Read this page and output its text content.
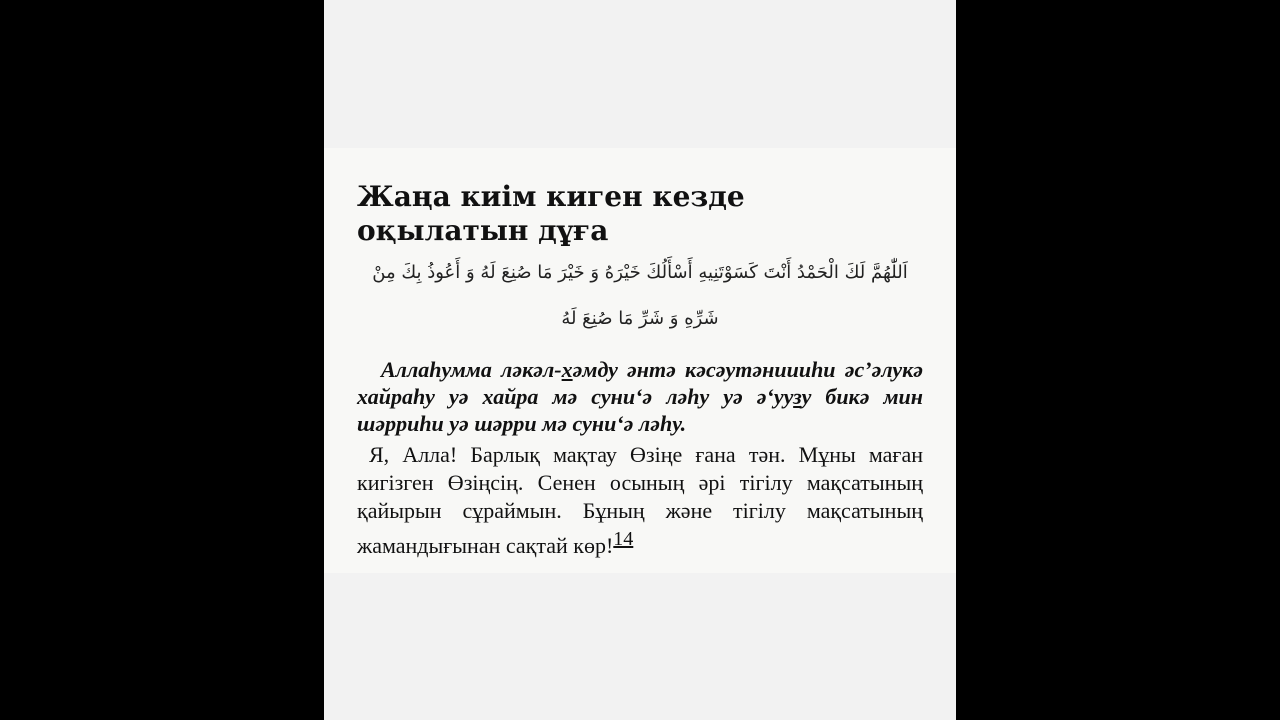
Жаңа киім киген кезде оқылатын дұға

اَللّٰهُمَّ لَكَ الْحَمْدُ أَنْتَ كَسَوْتَنِيهِ أَسْأَلُكَ خَيْرَهُ وَ خَيْرَ مَا صُنِعَ لَهُ وَ أَعُوذُ بِكَ مِنْ شَرِّهِ وَ شَرِّ مَا صُنِعَ لَهُ

Аллаһумма лəкəл-хəмду əнтə кəсəутəниииһи əс’əлукə хайраһу уə хайра мə суни‘ə ләһу уə ə‘уузу бикə мин шəрриһи уə шəрри мə суни‘ə ләһу.

Я, Алла! Барлық мақтау Өзіңе ғана тəн. Мұны маған кигізген Өзіңсің. Сенен осының əрі тігілу мақсатының қайырын сұраймын. Бұның жəне тігілу мақсатының жамандығынан сақтай көр!14
